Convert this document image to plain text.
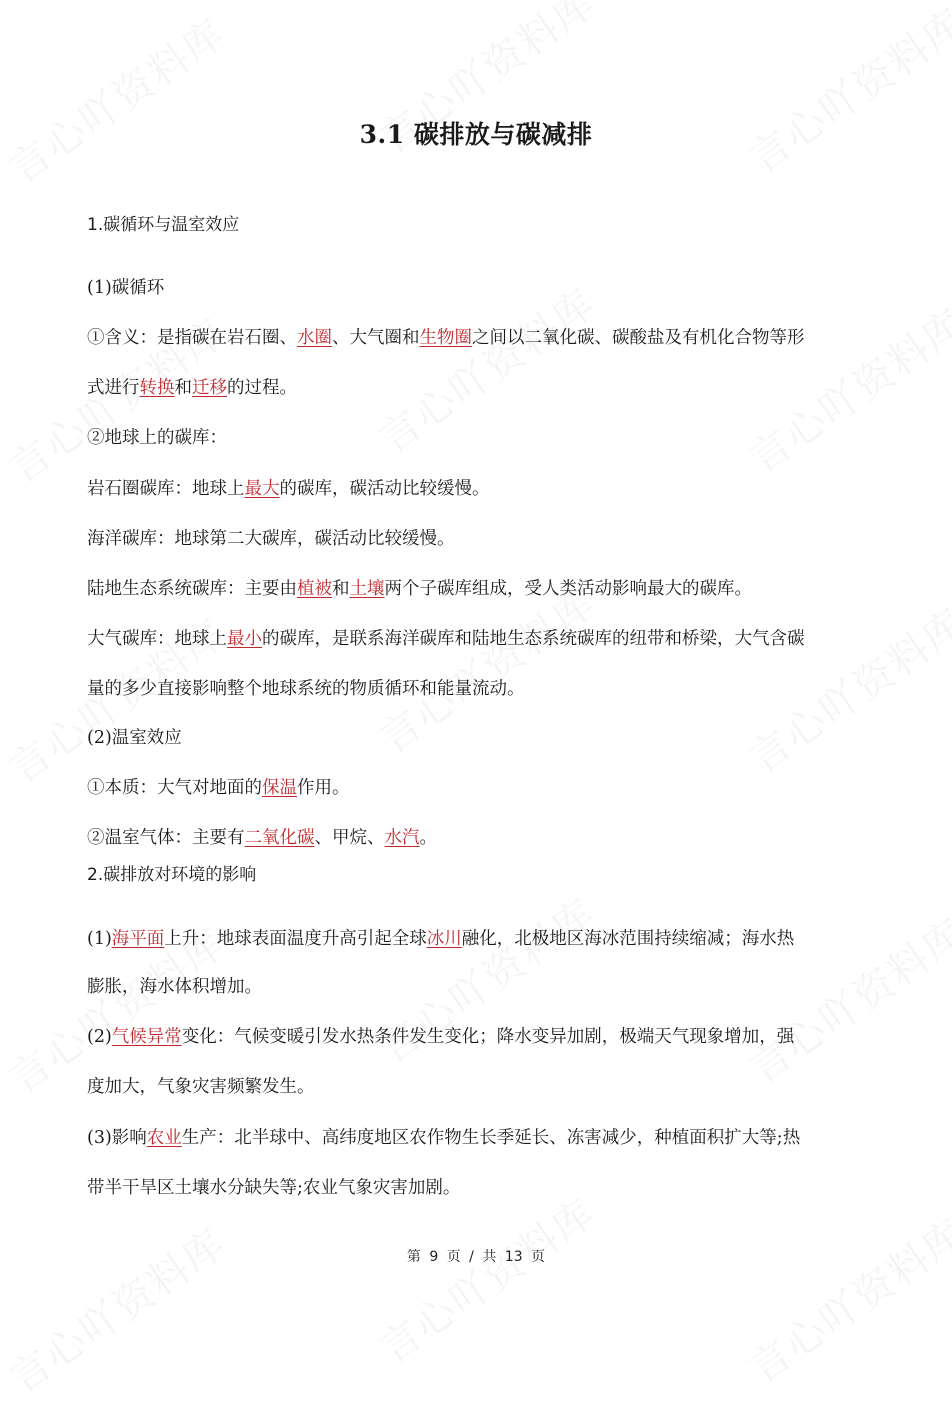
3.1 碳排放与碳减排
1.碳循环与温室效应
(1)碳循环
①含义：是指碳在岩石圈、水圈、大气圈和生物圈之间以二氧化碳、碳酸盐及有机化合物等形
式进行转换和迁移的过程。
②地球上的碳库：
岩石圈碳库：地球上最大的碳库，碳活动比较缓慢。
海洋碳库：地球第二大碳库，碳活动比较缓慢。
陆地生态系统碳库：主要由植被和土壤两个子碳库组成，受人类活动影响最大的碳库。
大气碳库：地球上最小的碳库，是联系海洋碳库和陆地生态系统碳库的纽带和桥梁，大气含碳
量的多少直接影响整个地球系统的物质循环和能量流动。
(2)温室效应
①本质：大气对地面的保温作用。
②温室气体：主要有二氧化碳、甲烷、水汽。
2.碳排放对环境的影响
(1)海平面上升：地球表面温度升高引起全球冰川融化，北极地区海冰范围持续缩减；海水热
膨胀，海水体积增加。
(2)气候异常变化：气候变暖引发水热条件发生变化；降水变异加剧，极端天气现象增加，强
度加大，气象灾害频繁发生。
(3)影响农业生产：北半球中、高纬度地区农作物生长季延长、冻害减少，种植面积扩大等;热
带半干旱区土壤水分缺失等;农业气象灾害加剧。
第 9 页 / 共 13 页
